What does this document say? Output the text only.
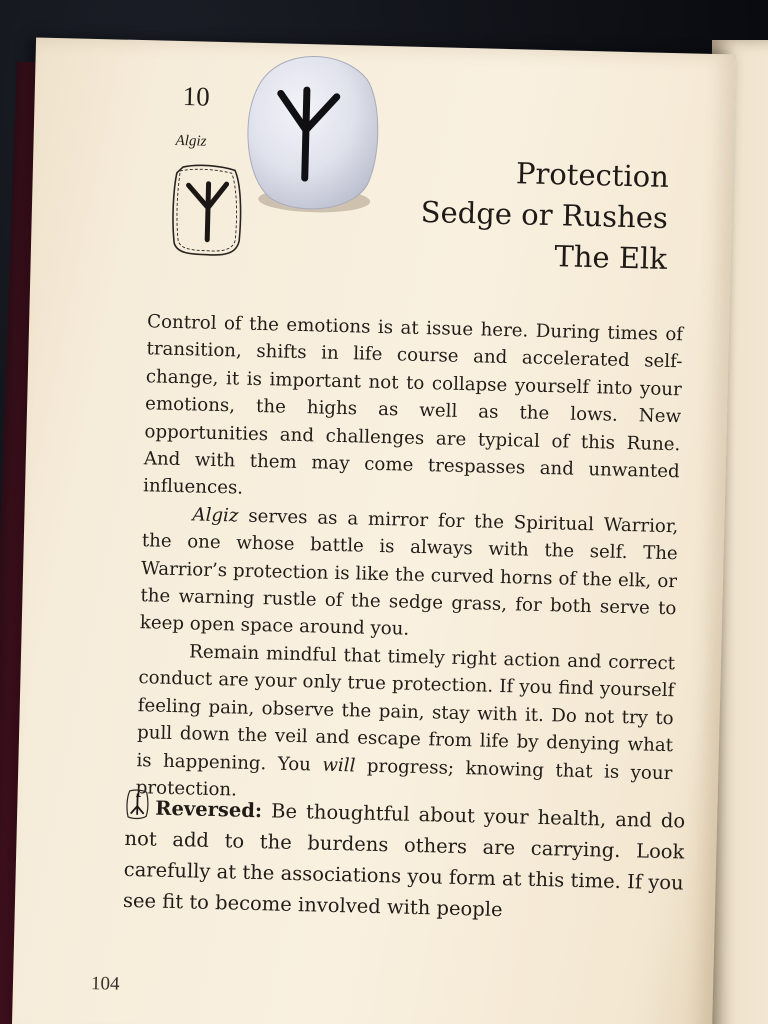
10
Algiz
Protection
Sedge or Rushes
The Elk

Control of the emotions is at issue here. During times of transition, shifts in life course and accelerated self-change, it is important not to collapse yourself into your emotions, the highs as well as the lows. New opportunities and challenges are typical of this Rune. And with them may come trespasses and unwanted influences.

Algiz serves as a mirror for the Spiritual Warrior, the one whose battle is always with the self. The Warrior’s protection is like the curved horns of the elk, or the warning rustle of the sedge grass, for both serve to keep open space around you.

Remain mindful that timely right action and correct conduct are your only true protection. If you find yourself feeling pain, observe the pain, stay with it. Do not try to pull down the veil and escape from life by denying what is happening. You will progress; knowing that is your protection.

Reversed: Be thoughtful about your health, and do not add to the burdens others are carrying. Look carefully at the associations you form at this time. If you see fit to become involved with people
104
